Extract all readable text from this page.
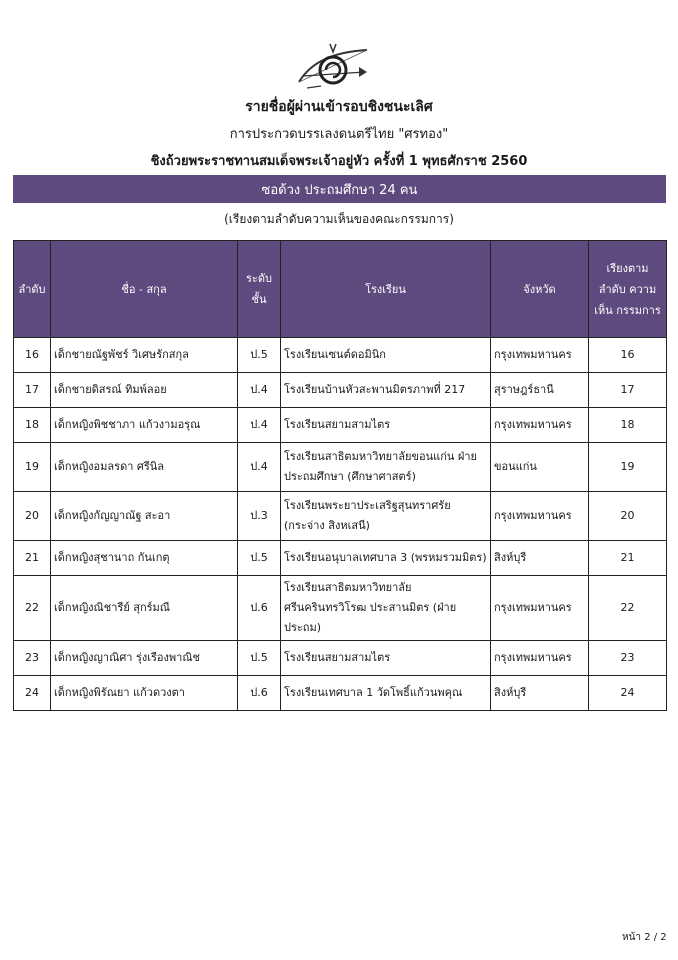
รายชื่อผู้ผ่านเข้ารอบชิงชนะเลิศ
การประกวดบรรเลงดนตรีไทย "ศรทอง"
ชิงถ้วยพระราชทานสมเด็จพระเจ้าอยู่หัว ครั้งที่ 1 พุทธศักราช 2560
ซอด้วง ประถมศึกษา 24 คน
(เรียงตามลำดับความเห็นของคณะกรรมการ)
ลำดับ	ชื่อ - สกุล	ระดับชั้น	โรงเรียน	จังหวัด	เรียงตาม ลำดับ ความเห็น กรรมการ
16	เด็กชายณัฐพัชร์ วิเศษรักสกุล	ป.5	โรงเรียนเซนต์ดอมินิก	กรุงเทพมหานคร	16
17	เด็กชายดิสรณ์ ทิมพ์ลอย	ป.4	โรงเรียนบ้านหัวสะพานมิตรภาพที่ 217	สุราษฎร์ธานี	17
18	เด็กหญิงพิชชาภา แก้วงามอรุณ	ป.4	โรงเรียนสยามสามไตร	กรุงเทพมหานคร	18
19	เด็กหญิงอมลรดา ศรีนิล	ป.4	โรงเรียนสาธิตมหาวิทยาลัยขอนแก่น ฝ่ายประถมศึกษา (ศึกษาศาสตร์)	ขอนแก่น	19
20	เด็กหญิงกัญญาณัฐ สะอา	ป.3	โรงเรียนพระยาประเสริฐสุนทราศรัย (กระจ่าง สิงหเสนี)	กรุงเทพมหานคร	20
21	เด็กหญิงสุชานาถ กันเกตุ	ป.5	โรงเรียนอนุบาลเทศบาล 3 (พรหมรวมมิตร)	สิงห์บุรี	21
22	เด็กหญิงณิชารีย์ สุกร์มณี	ป.6	โรงเรียนสาธิตมหาวิทยาลัยศรีนครินทรวิโรฒ ประสานมิตร (ฝ่ายประถม)	กรุงเทพมหานคร	22
23	เด็กหญิงญาณิศา รุ่งเรืองพาณิช	ป.5	โรงเรียนสยามสามไตร	กรุงเทพมหานคร	23
24	เด็กหญิงพิรัณยา แก้วดวงตา	ป.6	โรงเรียนเทศบาล 1 วัดโพธิ์แก้วนพคุณ	สิงห์บุรี	24
หน้า 2 / 2
